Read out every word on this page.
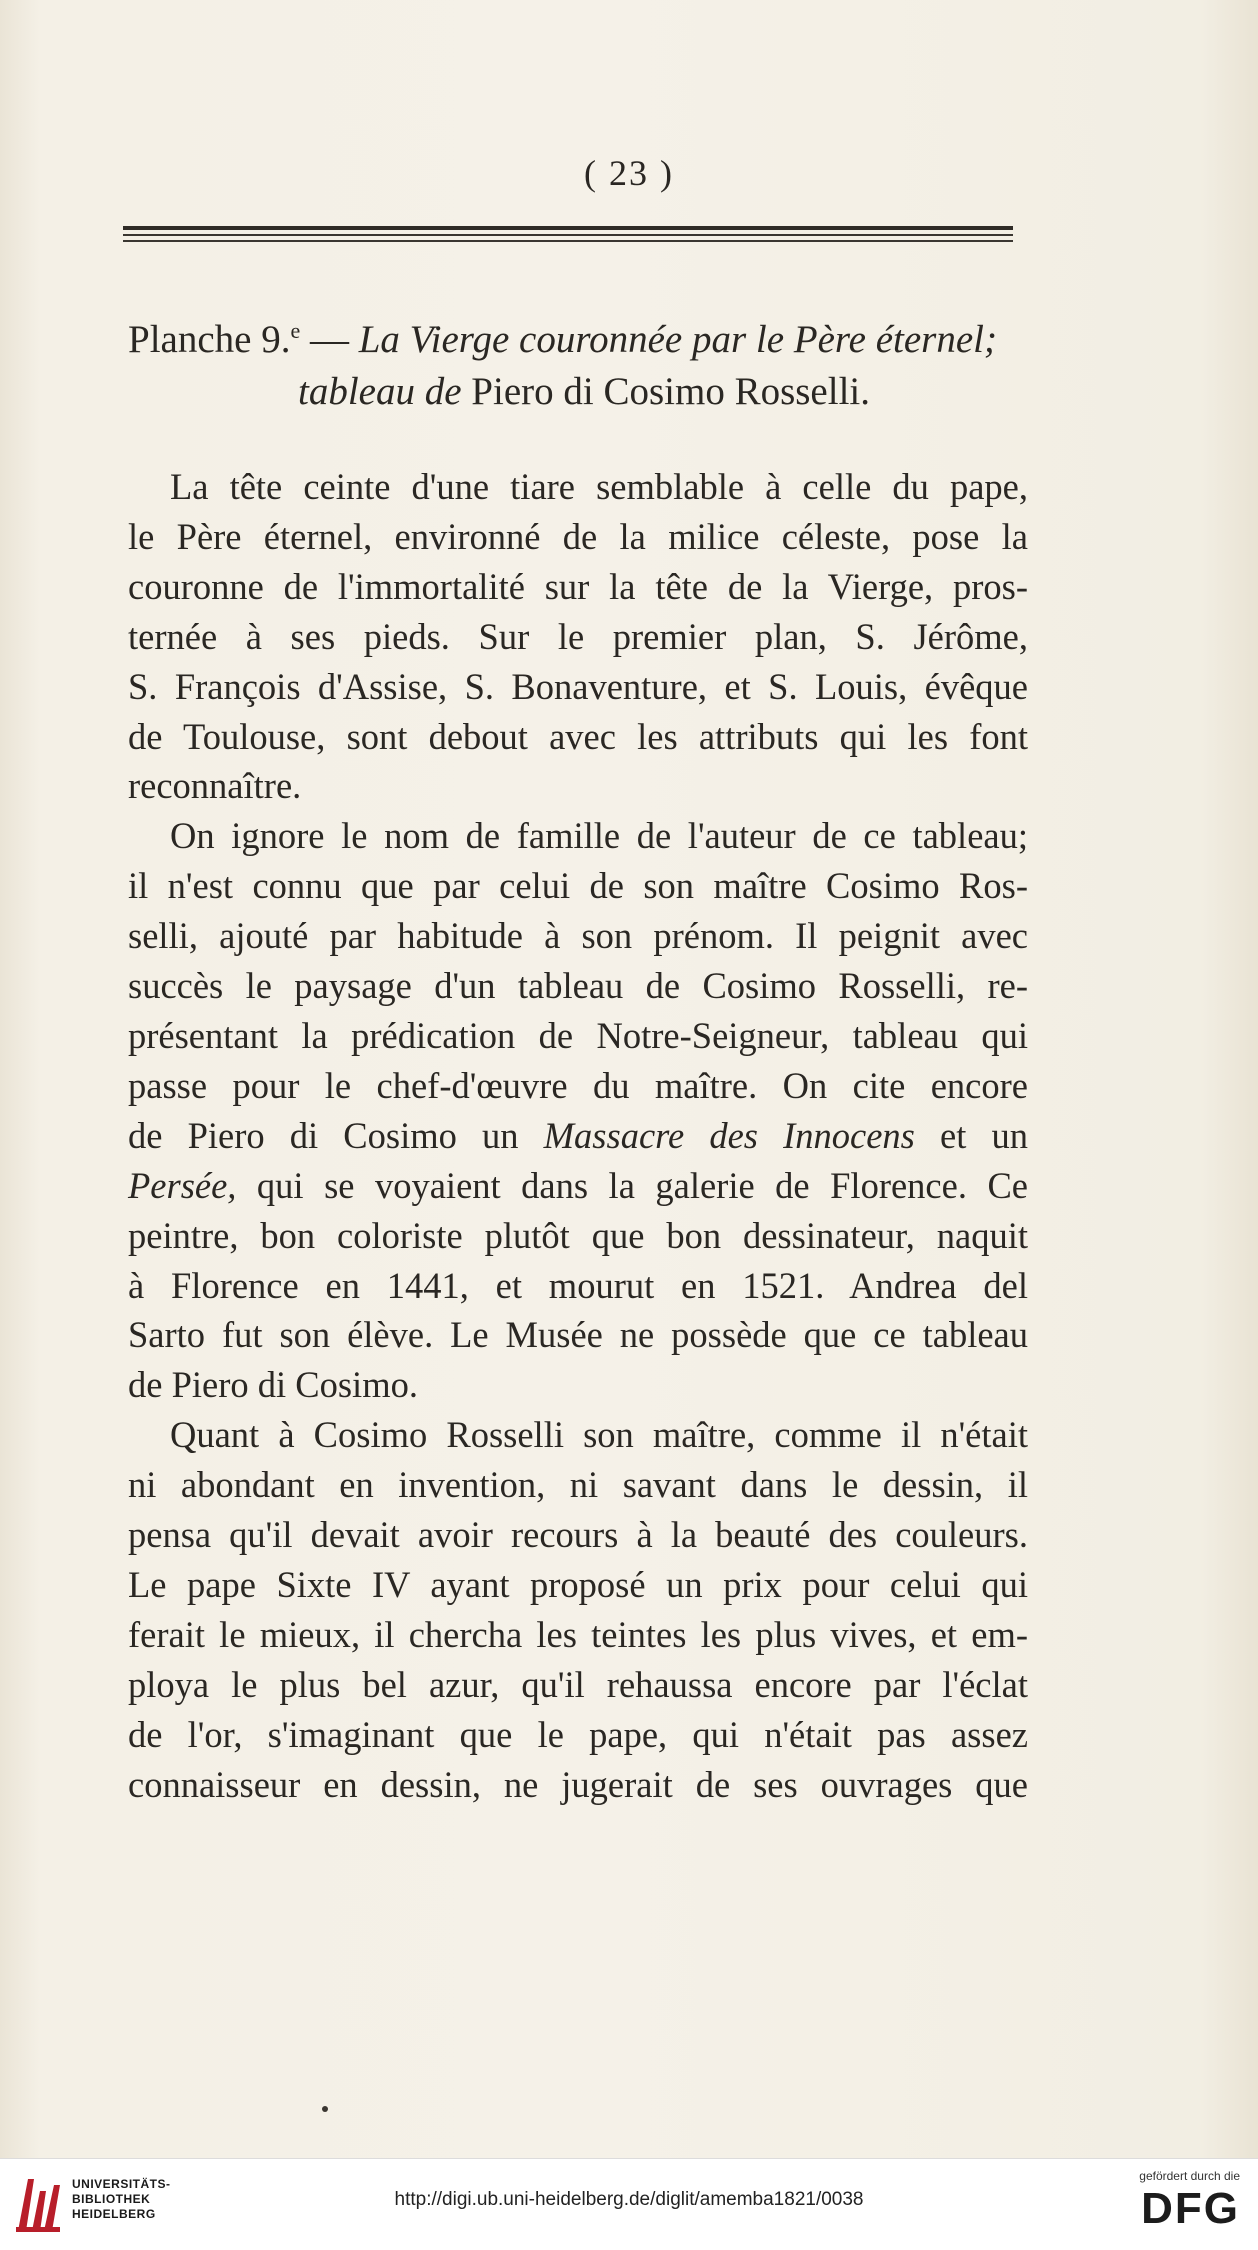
( 23 )
Planche 9.$^e$ — La Vierge couronnée par le Père éternel;
tableau de Piero di Cosimo Rosselli.
La tête ceinte d'une tiare semblable à celle du pape,
le Père éternel, environné de la milice céleste, pose la
couronne de l'immortalité sur la tête de la Vierge, pros-
ternée à ses pieds. Sur le premier plan, S. Jérôme,
S. François d'Assise, S. Bonaventure, et S. Louis, évêque
de Toulouse, sont debout avec les attributs qui les font
reconnaître.
On ignore le nom de famille de l'auteur de ce tableau;
il n'est connu que par celui de son maître Cosimo Ros-
selli, ajouté par habitude à son prénom. Il peignit avec
succès le paysage d'un tableau de Cosimo Rosselli, re-
présentant la prédication de Notre-Seigneur, tableau qui
passe pour le chef-d'œuvre du maître. On cite encore
de Piero di Cosimo un Massacre des Innocens et un
Persée, qui se voyaient dans la galerie de Florence. Ce
peintre, bon coloriste plutôt que bon dessinateur, naquit
à Florence en 1441, et mourut en 1521. Andrea del
Sarto fut son élève. Le Musée ne possède que ce tableau
de Piero di Cosimo.
Quant à Cosimo Rosselli son maître, comme il n'était
ni abondant en invention, ni savant dans le dessin, il
pensa qu'il devait avoir recours à la beauté des couleurs.
Le pape Sixte IV ayant proposé un prix pour celui qui
ferait le mieux, il chercha les teintes les plus vives, et em-
ploya le plus bel azur, qu'il rehaussa encore par l'éclat
de l'or, s'imaginant que le pape, qui n'était pas assez
connaisseur en dessin, ne jugerait de ses ouvrages que
UNIVERSITÄTS-
BIBLIOTHEK
HEIDELBERG
http://digi.ub.uni-heidelberg.de/diglit/amemba1821/0038
gefördert durch die
DFG
